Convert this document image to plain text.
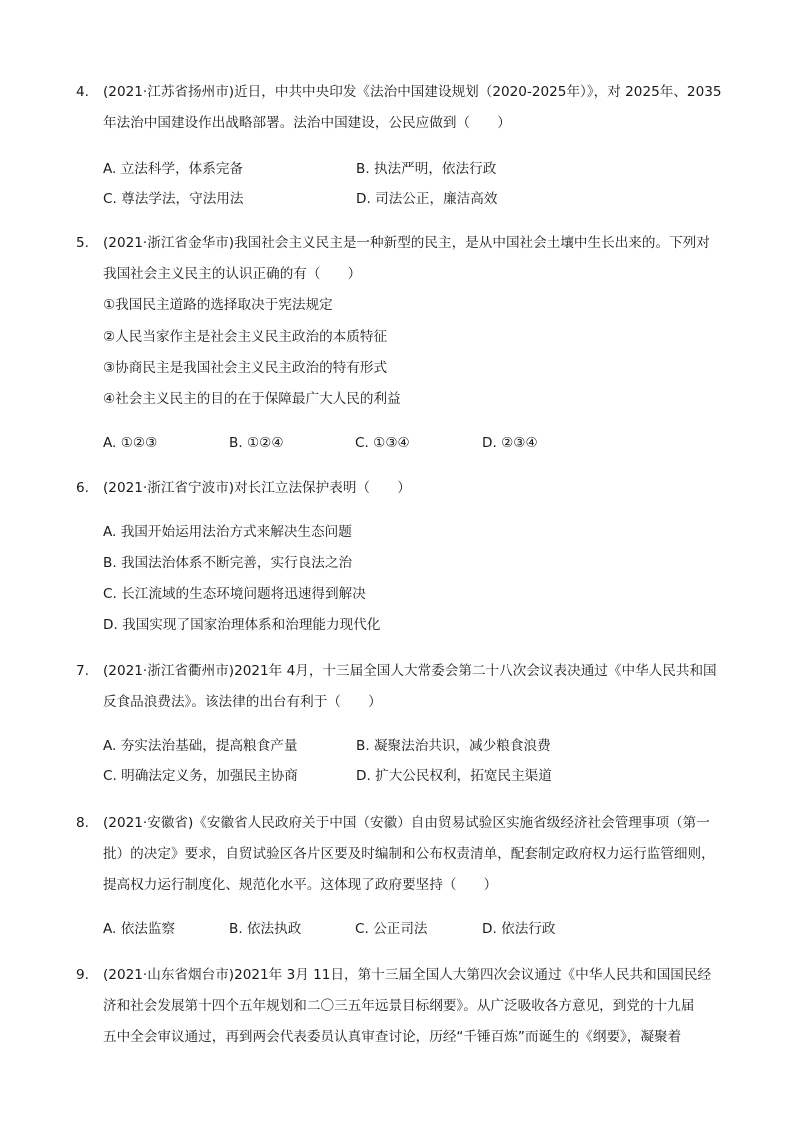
4.	(2021·江苏省扬州市)近日，中共中央印发《法治中国建设规划（2020-2025年）》，对 2025年、2035
年法治中国建设作出战略部署。法治中国建设，公民应做到（　　）
A. 立法科学，体系完备	B. 执法严明，依法行政
C. 尊法学法，守法用法	D. 司法公正，廉洁高效
5.	(2021·浙江省金华市)我国社会主义民主是一种新型的民主，是从中国社会土壤中生长出来的。下列对
我国社会主义民主的认识正确的有（　　）
①我国民主道路的选择取决于宪法规定
②人民当家作主是社会主义民主政治的本质特征
③协商民主是我国社会主义民主政治的特有形式
④社会主义民主的目的在于保障最广大人民的利益
A. ①②③	B. ①②④	C. ①③④	D. ②③④
6.	(2021·浙江省宁波市)对长江立法保护表明（　　）
A. 我国开始运用法治方式来解决生态问题
B. 我国法治体系不断完善，实行良法之治
C. 长江流域的生态环境问题将迅速得到解决
D. 我国实现了国家治理体系和治理能力现代化
7.	(2021·浙江省衢州市)2021年 4月，十三届全国人大常委会第二十八次会议表决通过《中华人民共和国
反食品浪费法》。该法律的出台有利于（　　）
A. 夯实法治基础，提高粮食产量	B. 凝聚法治共识，减少粮食浪费
C. 明确法定义务，加强民主协商	D. 扩大公民权利，拓宽民主渠道
8.	(2021·安徽省)《安徽省人民政府关于中国（安徽）自由贸易试验区实施省级经济社会管理事项（第一
批）的决定》要求，自贸试验区各片区要及时编制和公布权责清单，配套制定政府权力运行监管细则，
提高权力运行制度化、规范化水平。这体现了政府要坚持（　　）
A. 依法监察	B. 依法执政	C. 公正司法	D. 依法行政
9.	(2021·山东省烟台市)2021年 3月 11日，第十三届全国人大第四次会议通过《中华人民共和国国民经
济和社会发展第十四个五年规划和二〇三五年远景目标纲要》。从广泛吸收各方意见，到党的十九届
五中全会审议通过，再到两会代表委员认真审查讨论，历经“千锤百炼”而诞生的《纲要》，凝聚着
